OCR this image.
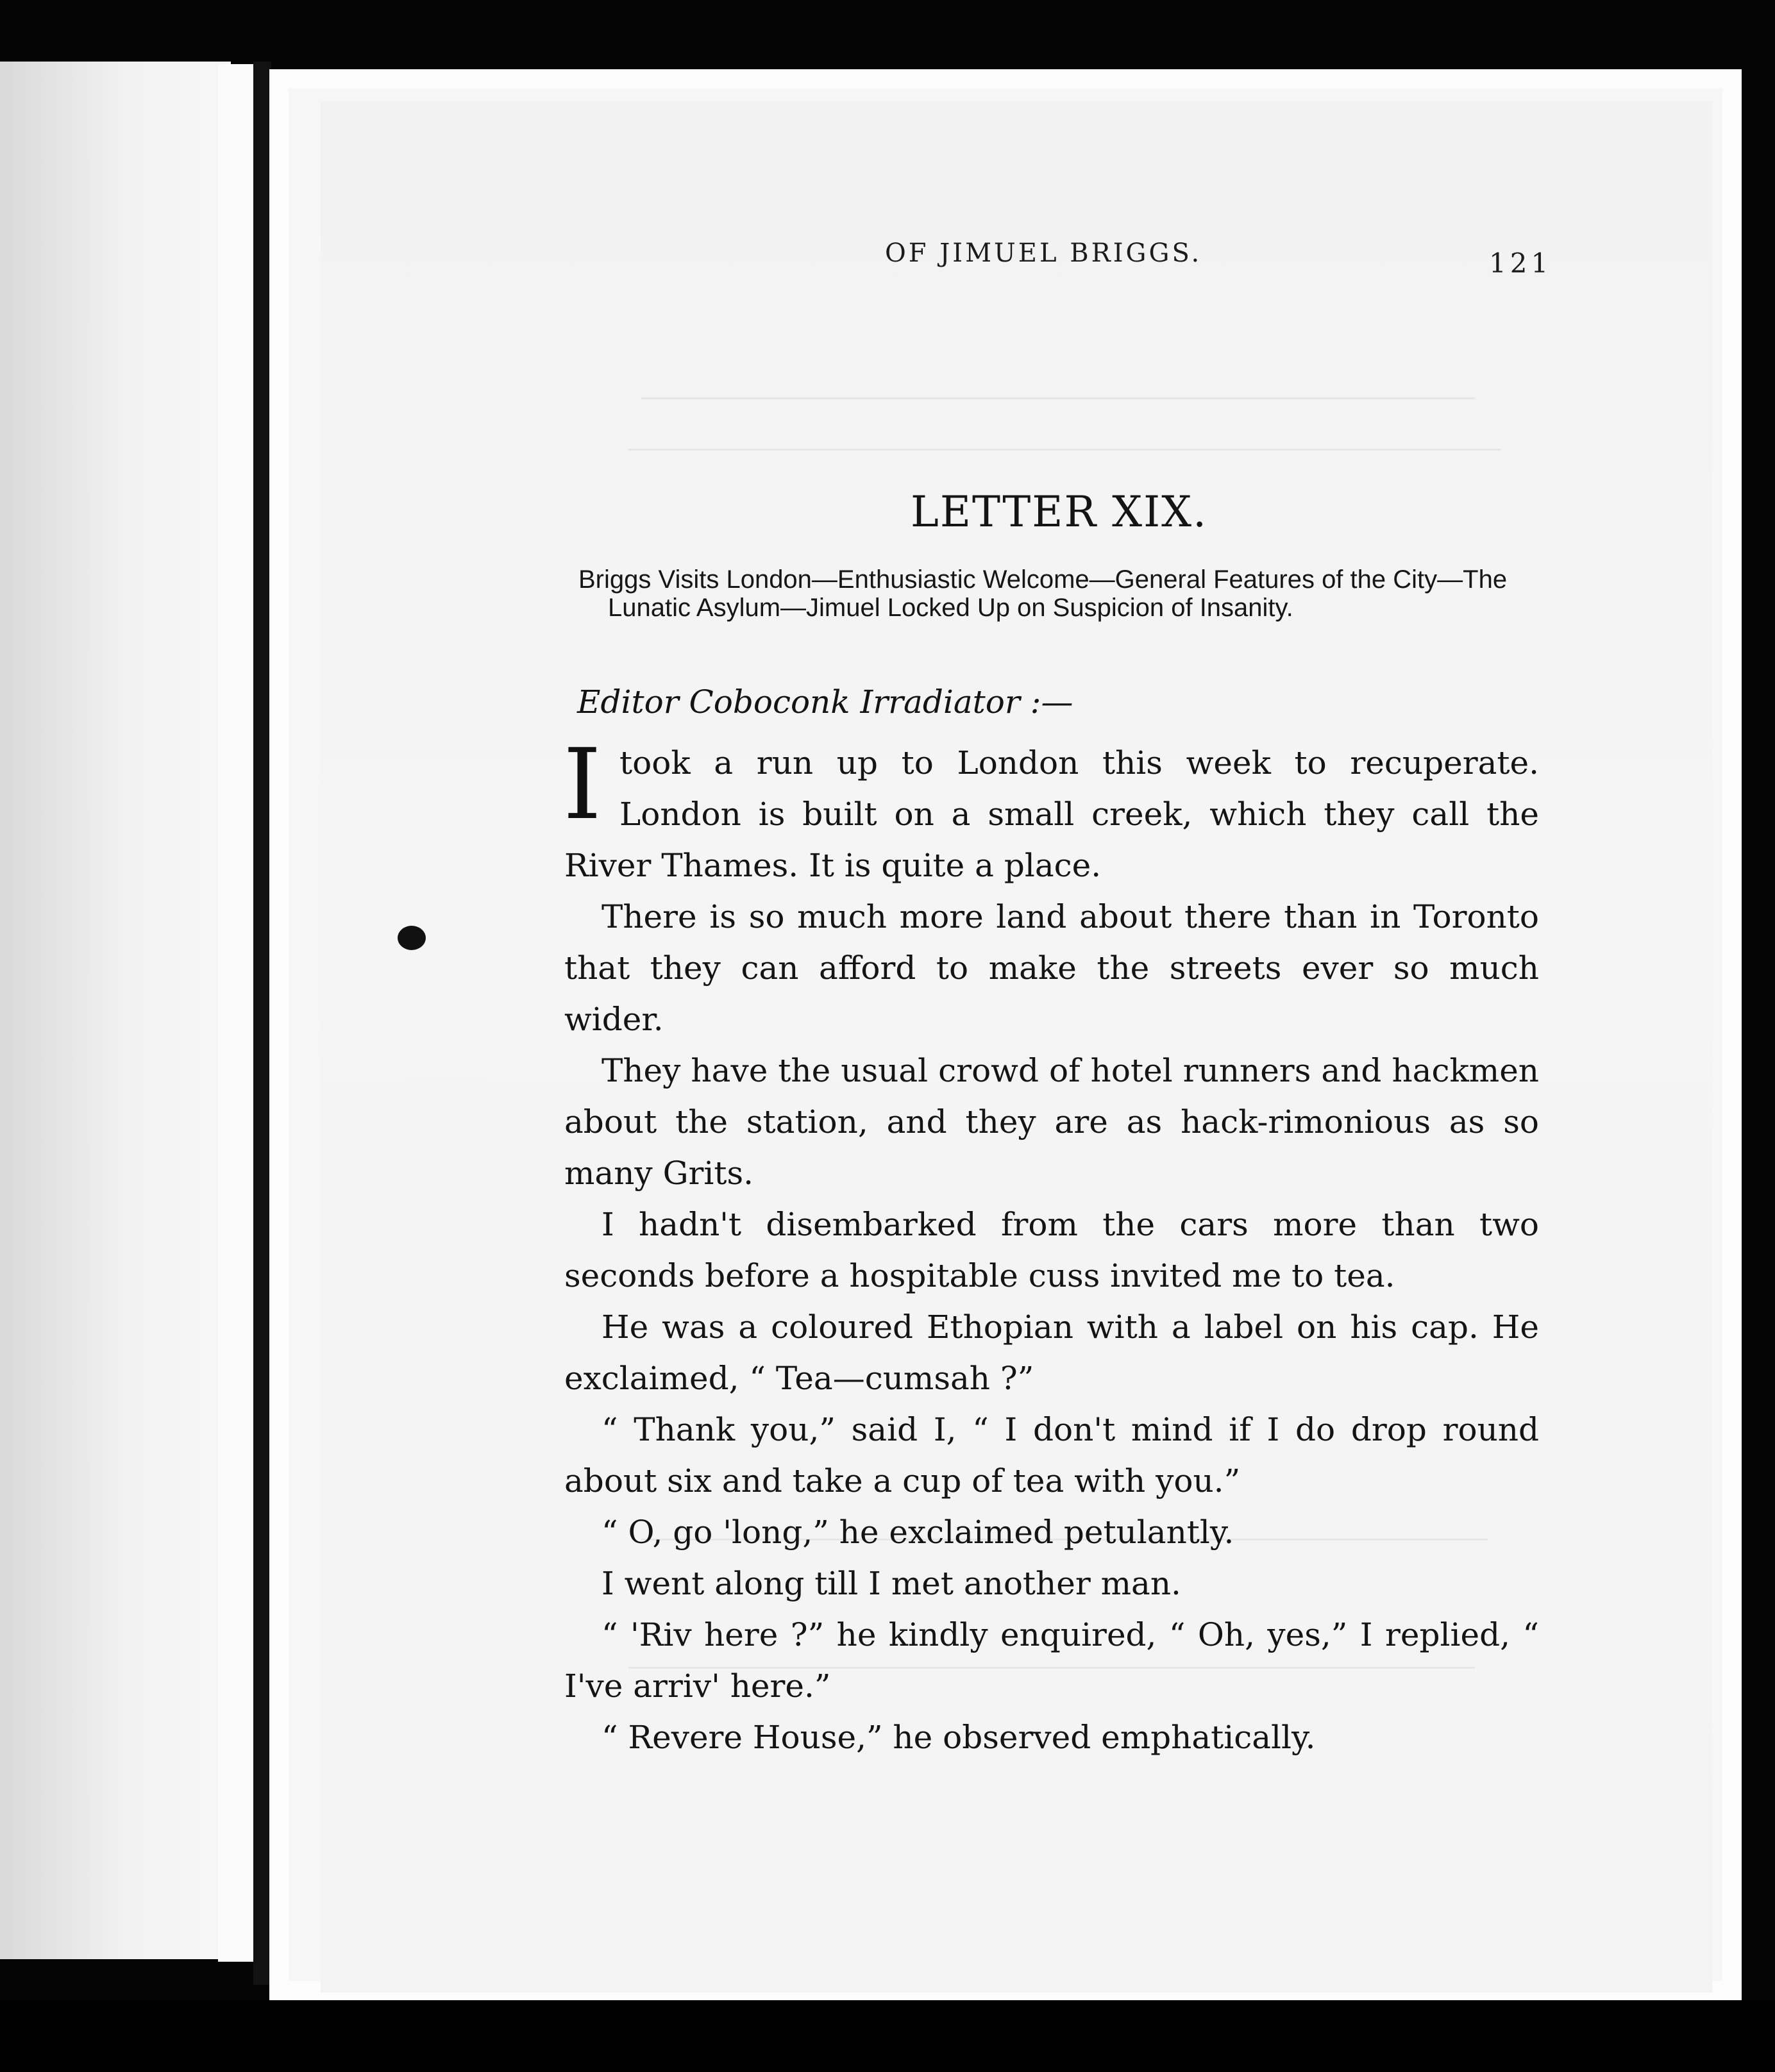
OF JIMUEL BRIGGS.	121
LETTER XIX.
Briggs Visits London—Enthusiastic Welcome—General Features of the City—The Lunatic Asylum—Jimuel Locked Up on Suspicion of Insanity.
Editor Coboconk Irradiator :—

Itook a run up to London this week to recuperate. London is built on a small creek, which they call the River Thames. It is quite a place.

There is so much more land about there than in Toronto that they can afford to make the streets ever so much wider.

They have the usual crowd of hotel runners and hackmen about the station, and they are as hack-rimonious as so many Grits.

I hadn't disembarked from the cars more than two seconds before a hospitable cuss invited me to tea.

He was a coloured Ethopian with a label on his cap. He exclaimed, “ Tea—cumsah ?”

“ Thank you,” said I, “ I don't mind if I do drop round about six and take a cup of tea with you.”

“ O, go 'long,” he exclaimed petulantly.

I went along till I met another man.

“ 'Riv here ?” he kindly enquired, “ Oh, yes,” I replied, “ I've arriv' here.”

“ Revere House,” he observed emphatically.
